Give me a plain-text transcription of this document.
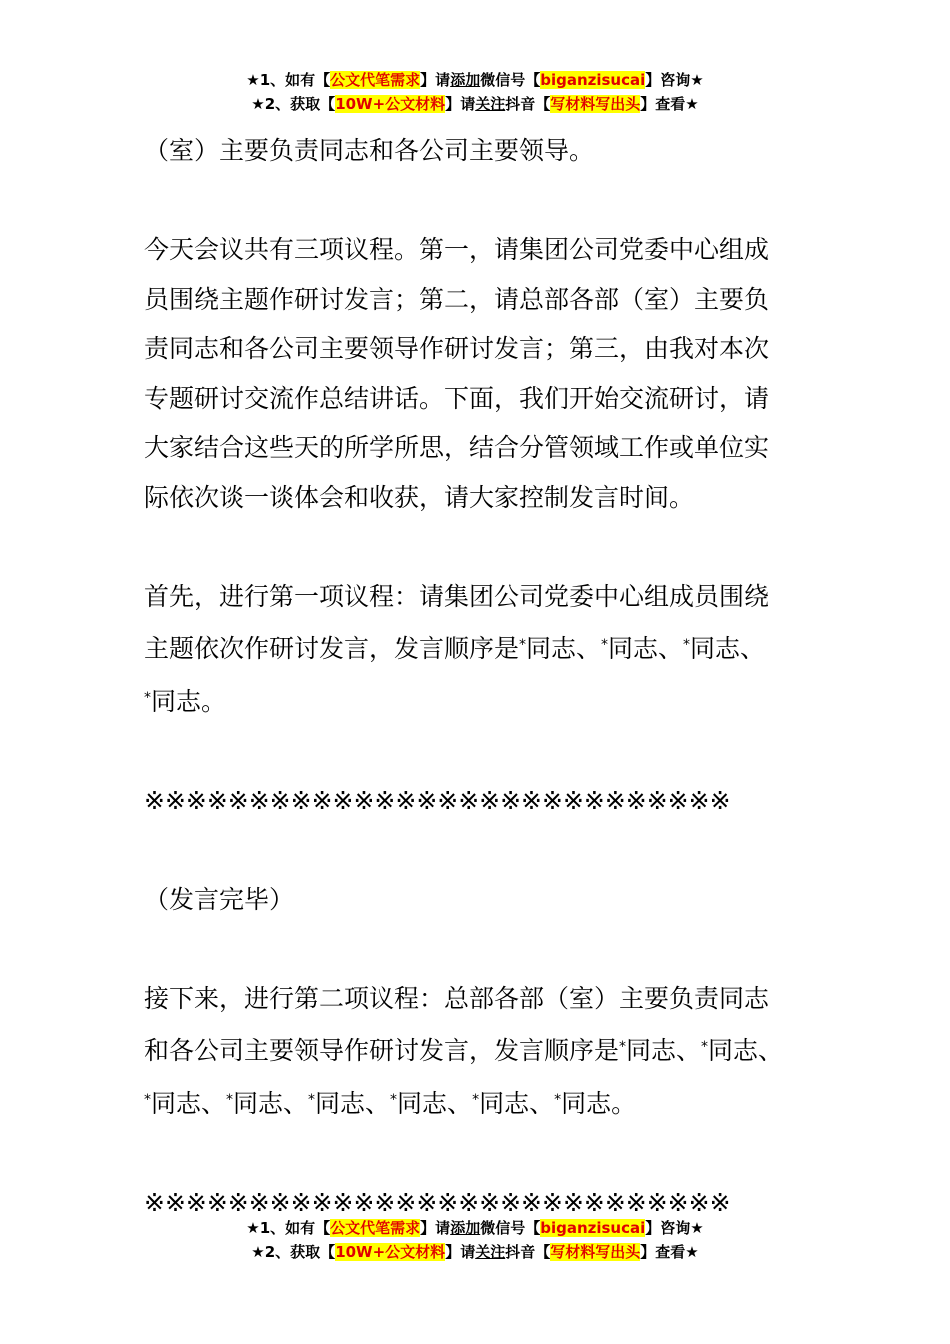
★1、如有【公文代笔需求】请添加微信号【biganzisucai】咨询★
★2、获取【10W+公文材料】请关注抖音【写材料写出头】查看★

（室）主要负责同志和各公司主要领导。

今天会议共有三项议程。第一，请集团公司党委中心组成
员围绕主题作研讨发言；第二，请总部各部（室）主要负
责同志和各公司主要领导作研讨发言；第三，由我对本次
专题研讨交流作总结讲话。下面，我们开始交流研讨，请
大家结合这些天的所学所思，结合分管领域工作或单位实
际依次谈一谈体会和收获，请大家控制发言时间。

首先，进行第一项议程：请集团公司党委中心组成员围绕
主题依次作研讨发言，发言顺序是*同志、*同志、*同志、
*同志。

※※※※※※※※※※※※※※※※※※※※※※※※※※※※

（发言完毕）

接下来，进行第二项议程：总部各部（室）主要负责同志
和各公司主要领导作研讨发言，发言顺序是*同志、*同志、
*同志、*同志、*同志、*同志、*同志、*同志。

※※※※※※※※※※※※※※※※※※※※※※※※※※※※

★1、如有【公文代笔需求】请添加微信号【biganzisucai】咨询★
★2、获取【10W+公文材料】请关注抖音【写材料写出头】查看★
